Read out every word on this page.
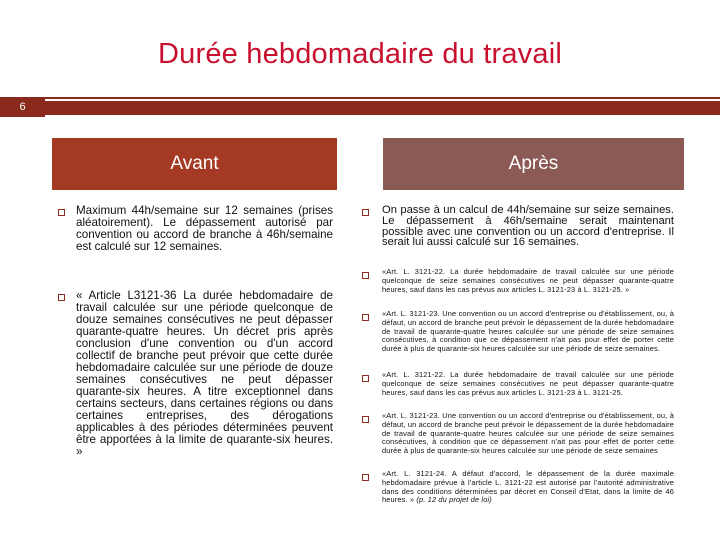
Durée hebdomadaire du travail
6
Avant
Maximum 44h/semaine sur 12 semaines (prises aléatoirement). Le dépassement autorisé par convention ou accord de branche à 46h/semaine est calculé sur 12 semaines.
« Article L3121-36 La durée hebdomadaire de travail calculée sur une période quelconque de douze semaines consécutives ne peut dépasser quarante-quatre heures. Un décret pris après conclusion d'une convention ou d'un accord collectif de branche peut prévoir que cette durée hebdomadaire calculée sur une période de douze semaines consécutives ne peut dépasser quarante-six heures. A titre exceptionnel dans certains secteurs, dans certaines régions ou dans certaines entreprises, des dérogations applicables à des périodes déterminées peuvent être apportées à la limite de quarante-six heures. »
Après
On passe à un calcul de 44h/semaine sur seize semaines. Le dépassement à 46h/semaine serait maintenant possible avec une convention ou un accord d'entreprise. Il serait lui aussi calculé sur 16 semaines.
«Art. L. 3121-22. La durée hebdomadaire de travail calculée sur une période quelconque de seize semaines consécutives ne peut dépasser quarante-quatre heures, sauf dans les cas prévus aux articles L. 3121-23 à L. 3121-25. »
«Art. L. 3121-23. Une convention ou un accord d'entreprise ou d'établissement, ou, à défaut, un accord de branche peut prévoir le dépassement de la durée hebdomadaire de travail de quarante-quatre heures calculée sur une période de seize semaines consécutives, à condition que ce dépassement n'ait pas pour effet de porter cette durée à plus de quarante-six heures calculée sur une période de seize semaines.
«Art. L. 3121-22. La durée hebdomadaire de travail calculée sur une période quelconque de seize semaines consécutives ne peut dépasser quarante-quatre heures, sauf dans les cas prévus aux articles L. 3121-23 à L. 3121-25.
«Art. L. 3121-23. Une convention ou un accord d'entreprise ou d'établissement, ou, à défaut, un accord de branche peut prévoir le dépassement de la durée hebdomadaire de travail de quarante-quatre heures calculée sur une période de seize semaines consécutives, à condition que ce dépassement n'ait pas pour effet de porter cette durée à plus de quarante-six heures calculée sur une période de seize semaines
«Art. L. 3121-24. A défaut d'accord, le dépassement de la durée maximale hebdomadaire prévue à l'article L. 3121-22 est autorisé par l'autorité administrative dans des conditions déterminées par décret en Conseil d'Etat, dans la limite de 46 heures. » (p. 12 du projet de loi)
